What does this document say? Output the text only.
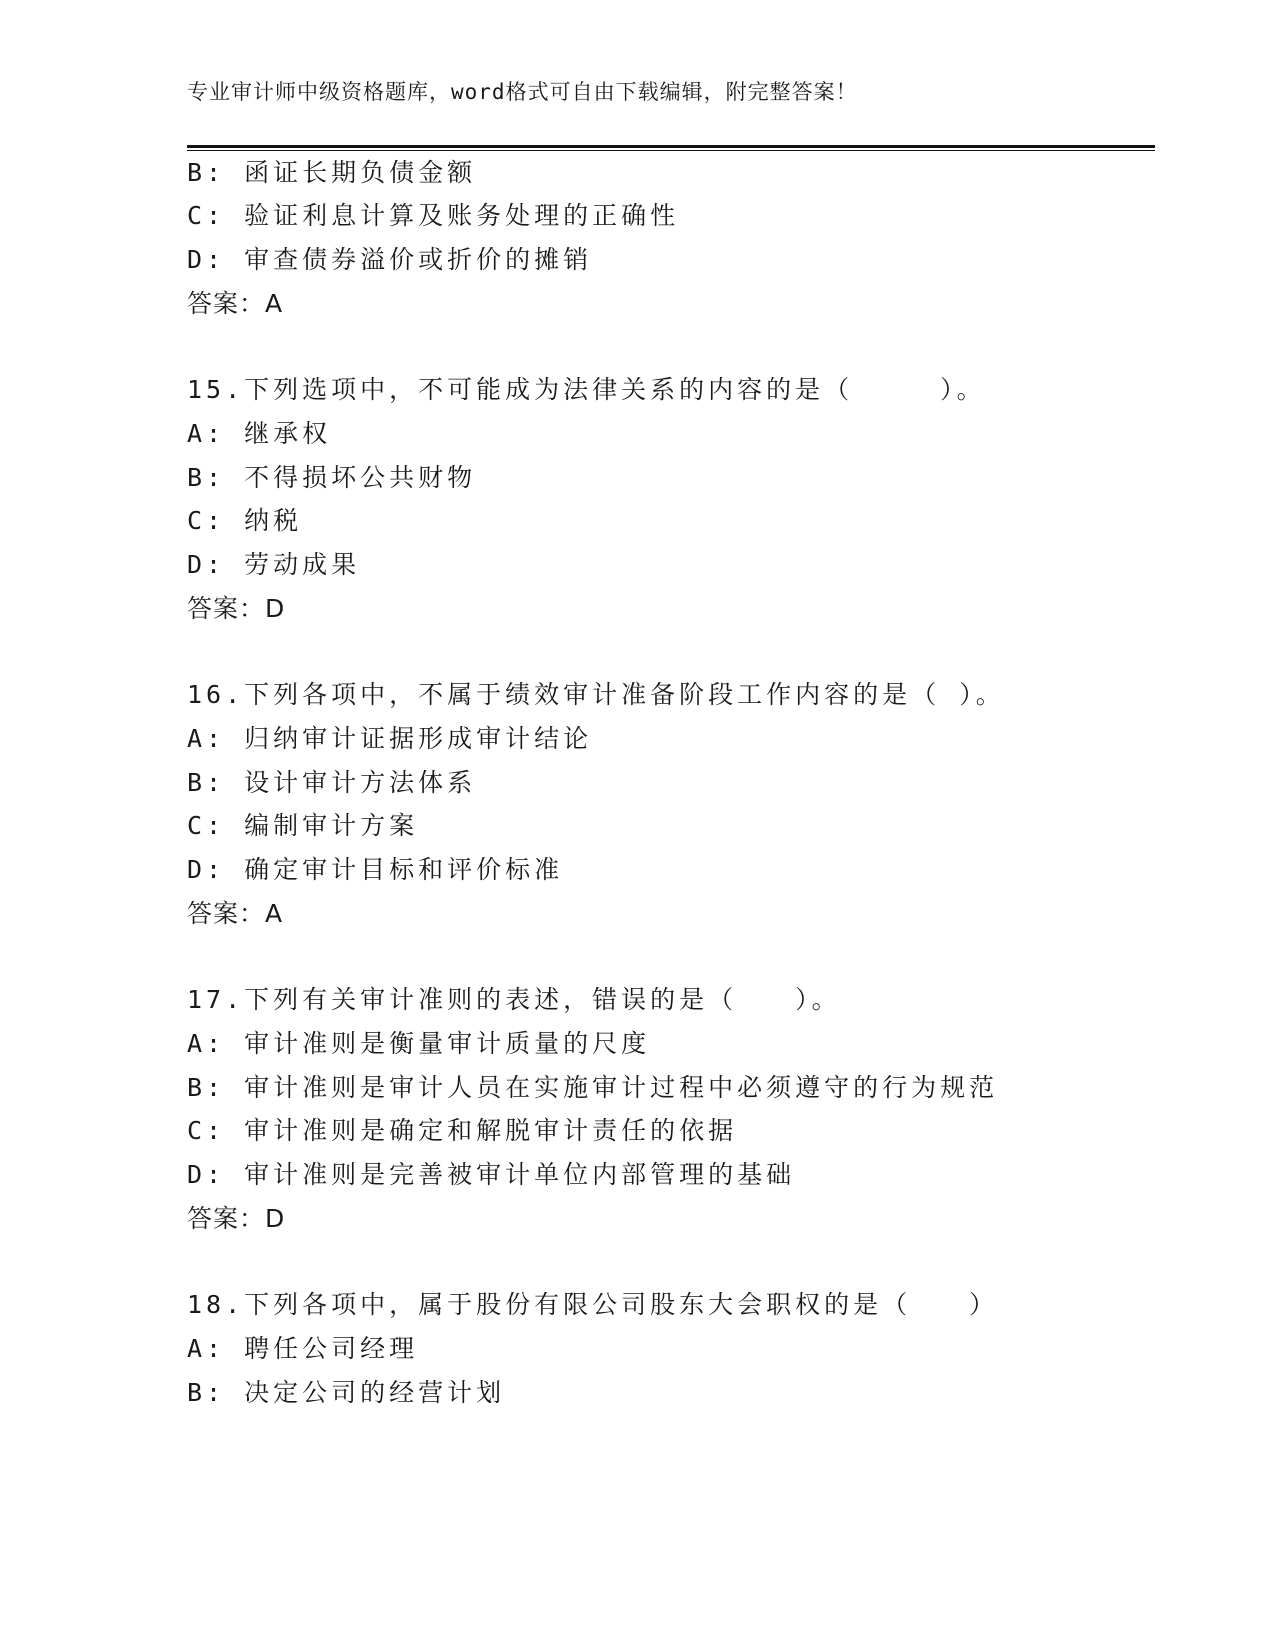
专业审计师中级资格题库，word格式可自由下载编辑，附完整答案！
B: 函证长期负债金额
C: 验证利息计算及账务处理的正确性
D: 审查债券溢价或折价的摊销
答案：A
15.下列选项中，不可能成为法律关系的内容的是（　　　）。
A: 继承权
B: 不得损坏公共财物
C: 纳税
D: 劳动成果
答案：D
16.下列各项中，不属于绩效审计准备阶段工作内容的是（ ）。
A: 归纳审计证据形成审计结论
B: 设计审计方法体系
C: 编制审计方案
D: 确定审计目标和评价标准
答案：A
17.下列有关审计准则的表述，错误的是（　　）。
A: 审计准则是衡量审计质量的尺度
B: 审计准则是审计人员在实施审计过程中必须遵守的行为规范
C: 审计准则是确定和解脱审计责任的依据
D: 审计准则是完善被审计单位内部管理的基础
答案：D
18.下列各项中，属于股份有限公司股东大会职权的是（　　）
A: 聘任公司经理
B: 决定公司的经营计划
